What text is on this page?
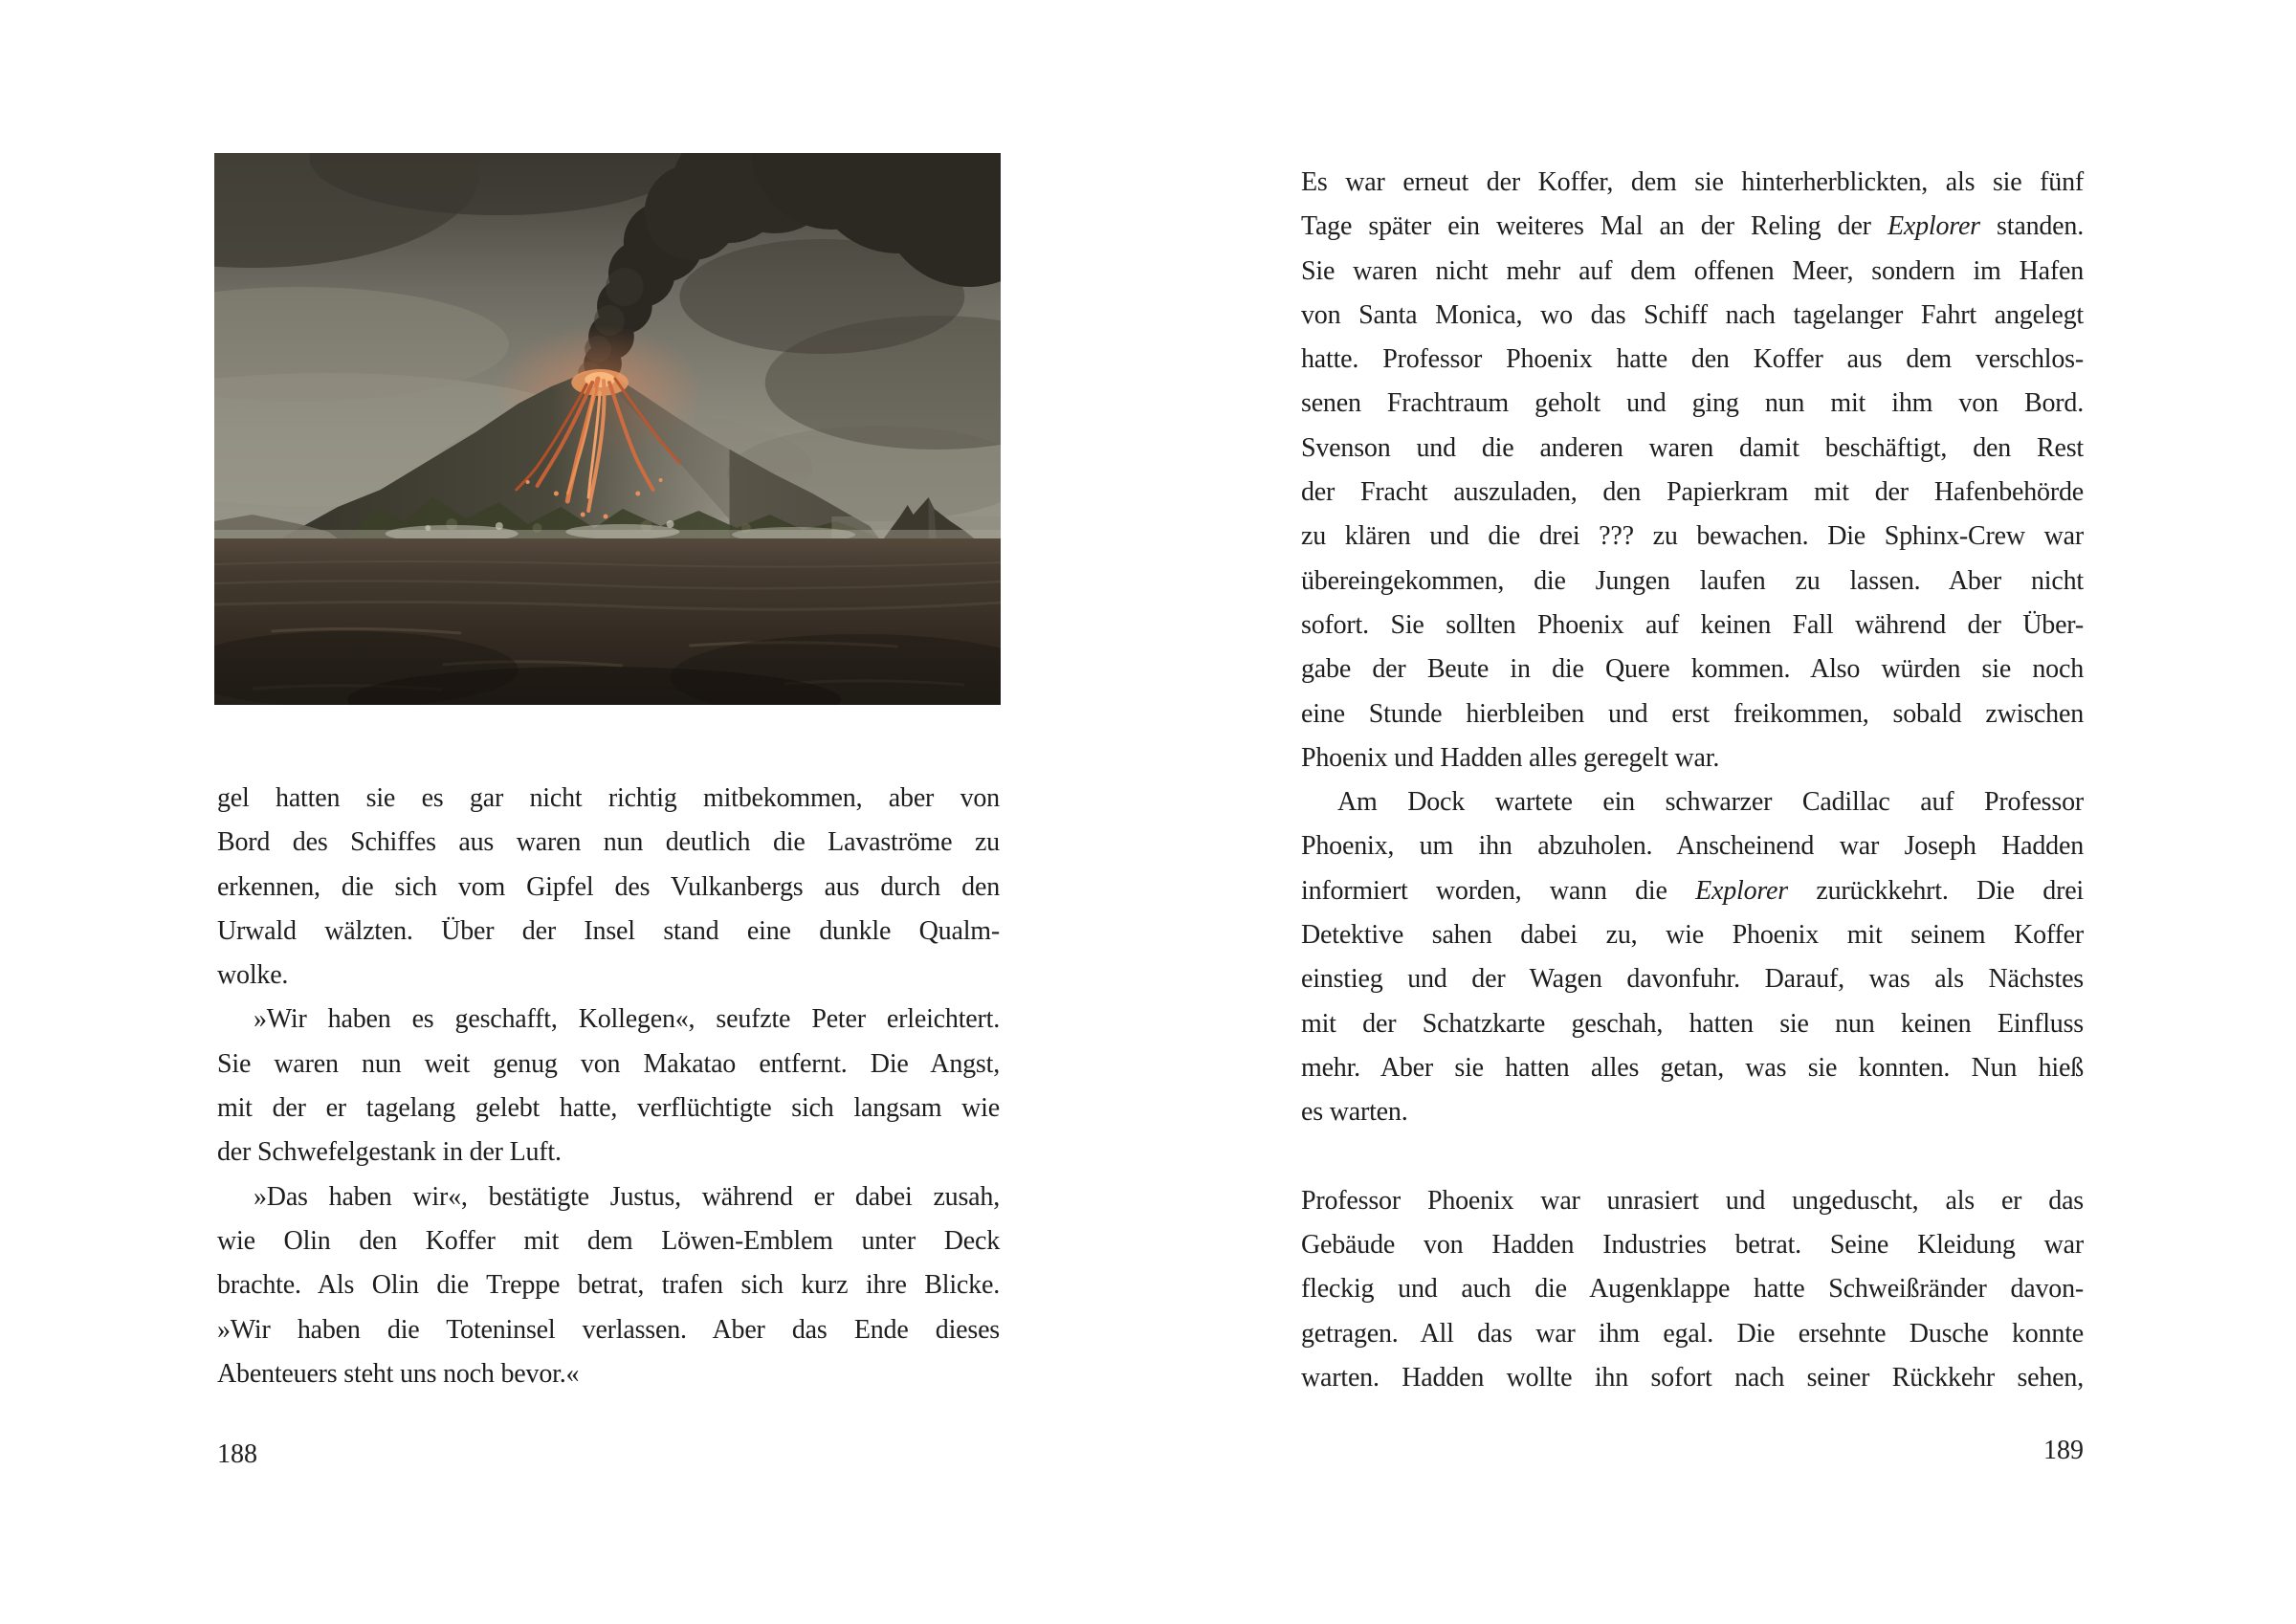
gel hatten sie es gar nicht richtig mitbekommen, aber von
Bord des Schiffes aus waren nun deutlich die Lavaströme zu
erkennen, die sich vom Gipfel des Vulkanbergs aus durch den
Urwald wälzten. Über der Insel stand eine dunkle Qualm-
wolke.
»Wir haben es geschafft, Kollegen«, seufzte Peter erleichtert.
Sie waren nun weit genug von Makatao entfernt. Die Angst,
mit der er tagelang gelebt hatte, verflüchtigte sich langsam wie
der Schwefelgestank in der Luft.
»Das haben wir«, bestätigte Justus, während er dabei zusah,
wie Olin den Koffer mit dem Löwen-Emblem unter Deck
brachte. Als Olin die Treppe betrat, trafen sich kurz ihre Blicke.
»Wir haben die Toteninsel verlassen. Aber das Ende dieses
Abenteuers steht uns noch bevor.«
188
Es war erneut der Koffer, dem sie hinterherblickten, als sie fünf
Tage später ein weiteres Mal an der Reling der Explorer standen.
Sie waren nicht mehr auf dem offenen Meer, sondern im Hafen
von Santa Monica, wo das Schiff nach tagelanger Fahrt angelegt
hatte. Professor Phoenix hatte den Koffer aus dem verschlos-
senen Frachtraum geholt und ging nun mit ihm von Bord.
Svenson und die anderen waren damit beschäftigt, den Rest
der Fracht auszuladen, den Papierkram mit der Hafenbehörde
zu klären und die drei ??? zu bewachen. Die Sphinx-Crew war
übereingekommen, die Jungen laufen zu lassen. Aber nicht
sofort. Sie sollten Phoenix auf keinen Fall während der Über-
gabe der Beute in die Quere kommen. Also würden sie noch
eine Stunde hierbleiben und erst freikommen, sobald zwischen
Phoenix und Hadden alles geregelt war.
Am Dock wartete ein schwarzer Cadillac auf Professor
Phoenix, um ihn abzuholen. Anscheinend war Joseph Hadden
informiert worden, wann die Explorer zurückkehrt. Die drei
Detektive sahen dabei zu, wie Phoenix mit seinem Koffer
einstieg und der Wagen davonfuhr. Darauf, was als Nächstes
mit der Schatzkarte geschah, hatten sie nun keinen Einfluss
mehr. Aber sie hatten alles getan, was sie konnten. Nun hieß
es warten.
Professor Phoenix war unrasiert und ungeduscht, als er das
Gebäude von Hadden Industries betrat. Seine Kleidung war
fleckig und auch die Augenklappe hatte Schweißränder davon-
getragen. All das war ihm egal. Die ersehnte Dusche konnte
warten. Hadden wollte ihn sofort nach seiner Rückkehr sehen,
189
